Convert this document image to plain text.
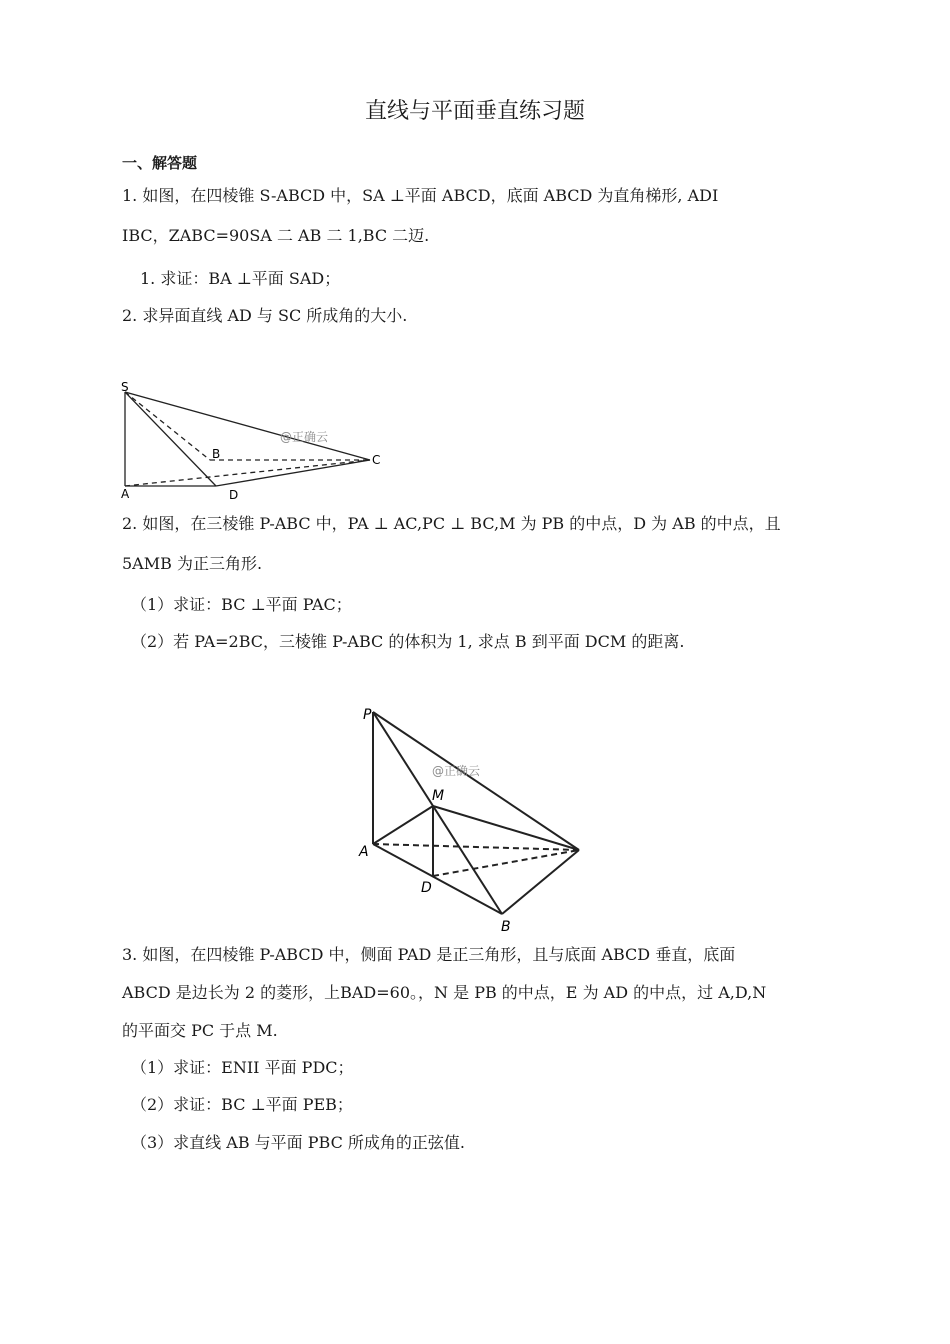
直线与平面垂直练习题
一、解答题
1. 如图，在四棱锥 S-ABCD 中，SA ⊥平面 ABCD，底面 ABCD 为直角梯形, ADI
IBC，ZABC=90SA 二 AB 二 1,BC 二迈.
1. 求证：BA ⊥平面 SAD；
2. 求异面直线 AD 与 SC 所成角的大小.
S
A
B	C
D
@正确云
2. 如图，在三棱锥 P-ABC 中，PA ⊥ AC,PC ⊥ BC,M 为 PB 的中点，D 为 AB 的中点，且
5AMB 为正三角形.
（1）求证：BC ⊥平面 PAC；
（2）若 PA=2BC，三棱锥 P-ABC 的体积为 1, 求点 B 到平面 DCM 的距离.
P
M
A
D
B
@正确云
3. 如图，在四棱锥 P-ABCD 中，侧面 PAD 是正三角形，且与底面 ABCD 垂直，底面
ABCD 是边长为 2 的菱形，上BAD=60。，N 是 PB 的中点，E 为 AD 的中点，过 A,D,N
的平面交 PC 于点 M.
（1）求证：ENII 平面 PDC；
（2）求证：BC ⊥平面 PEB；
（3）求直线 AB 与平面 PBC 所成角的正弦值.
